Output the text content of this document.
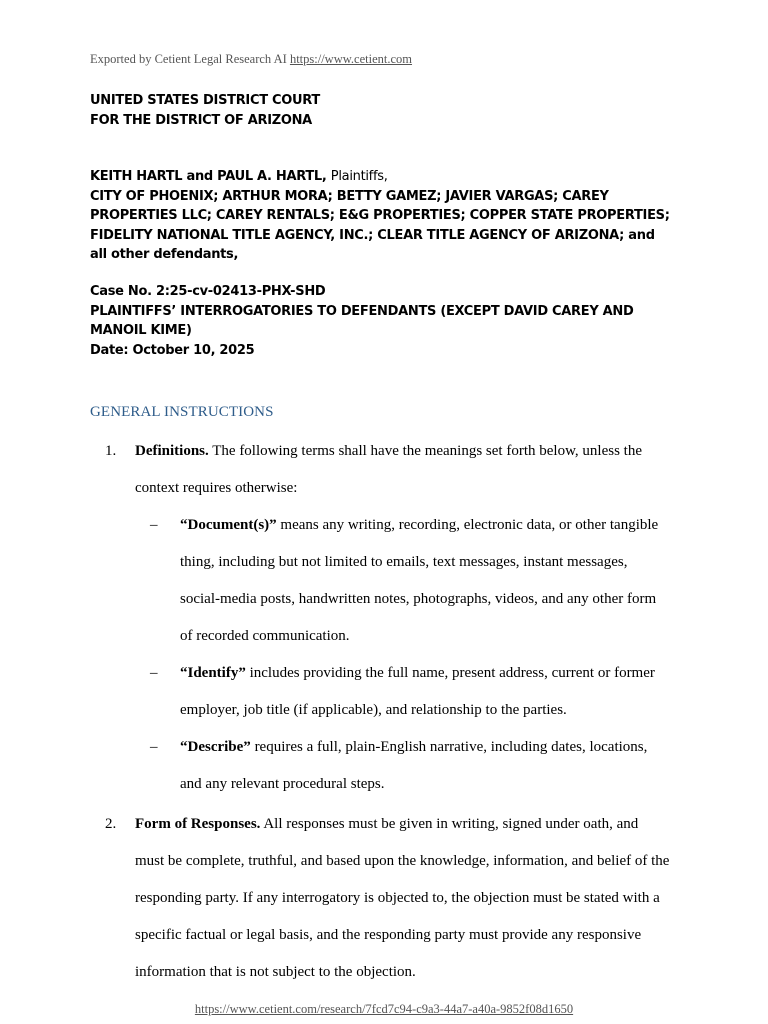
Exported by Cetient Legal Research AI https://www.cetient.com
UNITED STATES DISTRICT COURT
FOR THE DISTRICT OF ARIZONA
KEITH HARTL and PAUL A. HARTL, Plaintiffs,
CITY OF PHOENIX; ARTHUR MORA; BETTY GAMEZ; JAVIER VARGAS; CAREY PROPERTIES LLC; CAREY RENTALS; E&G PROPERTIES; COPPER STATE PROPERTIES; FIDELITY NATIONAL TITLE AGENCY, INC.; CLEAR TITLE AGENCY OF ARIZONA; and all other defendants,
Case No. 2:25-cv-02413-PHX-SHD
PLAINTIFFS’ INTERROGATORIES TO DEFENDANTS (EXCEPT DAVID CAREY AND MANOIL KIME)
Date: October 10, 2025
GENERAL INSTRUCTIONS
1. Definitions. The following terms shall have the meanings set forth below, unless the context requires otherwise:
– “Document(s)” means any writing, recording, electronic data, or other tangible thing, including but not limited to emails, text messages, instant messages, social-media posts, handwritten notes, photographs, videos, and any other form of recorded communication.
– “Identify” includes providing the full name, present address, current or former employer, job title (if applicable), and relationship to the parties.
– “Describe” requires a full, plain-English narrative, including dates, locations, and any relevant procedural steps.
2. Form of Responses. All responses must be given in writing, signed under oath, and must be complete, truthful, and based upon the knowledge, information, and belief of the responding party. If any interrogatory is objected to, the objection must be stated with a specific factual or legal basis, and the responding party must provide any responsive information that is not subject to the objection.
https://www.cetient.com/research/7fcd7c94-c9a3-44a7-a40a-9852f08d1650
